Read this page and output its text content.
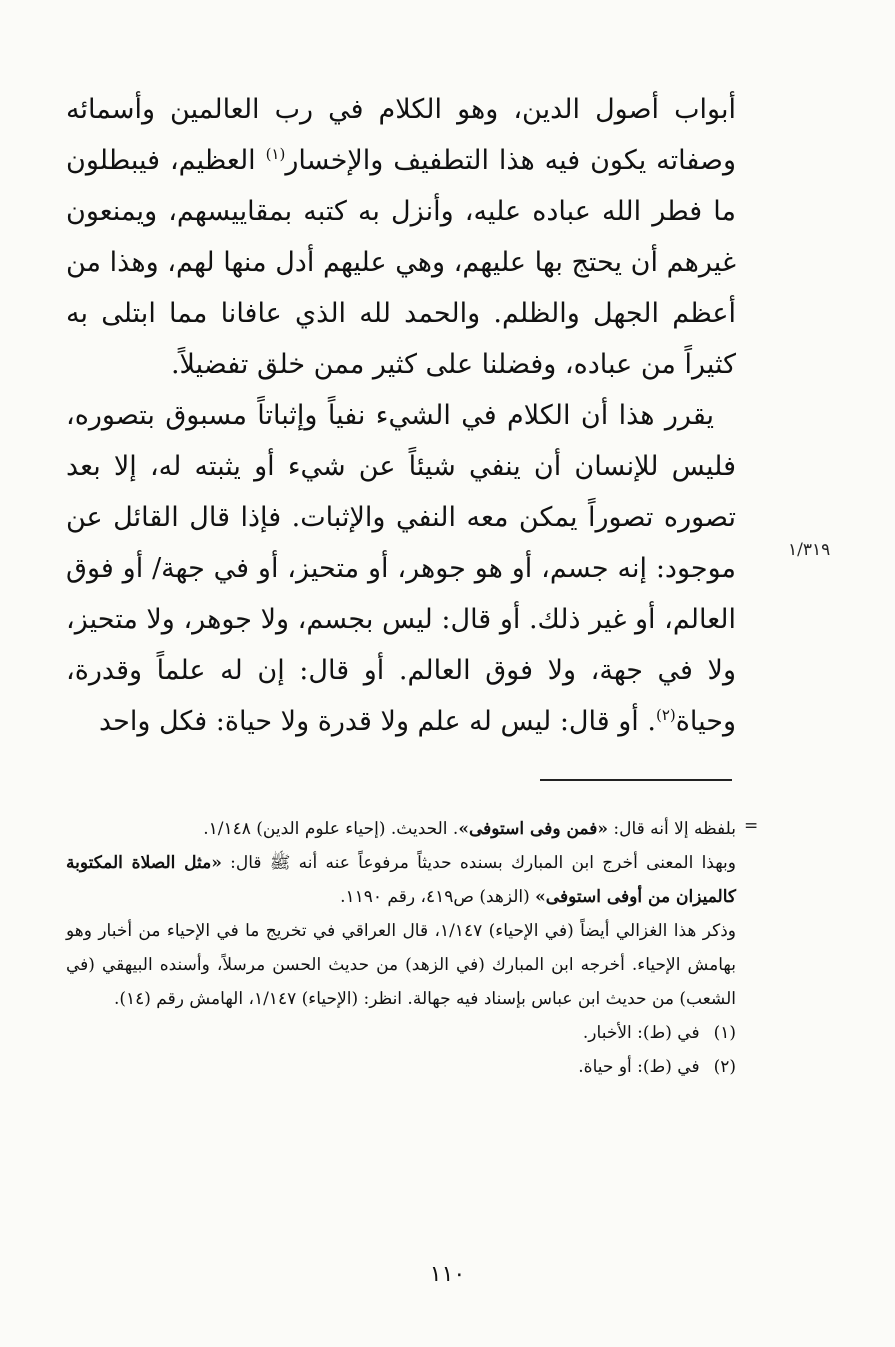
أبواب أصول الدين، وهو الكلام في رب العالمين وأسمائه وصفاته يكون فيه هذا التطفيف والإخسار$^{(١)}$ العظيم، فيبطلون ما فطر الله عباده عليه، وأنزل به كتبه بمقاييسهم، ويمنعون غيرهم أن يحتج بها عليهم، وهي عليهم أدل منها لهم، وهذا من أعظم الجهل والظلم. والحمد لله الذي عافانا مما ابتلى به كثيراً من عباده، وفضلنا على كثير ممن خلق تفضيلاً.

يقرر هذا أن الكلام في الشيء نفياً وإثباتاً مسبوق بتصوره، فليس للإنسان أن ينفي شيئاً عن شيء أو يثبته له، إلا بعد تصوره تصوراً يمكن معه النفي والإثبات. فإذا قال القائل عن موجود: إنه جسم، أو هو جوهر، أو متحيز، أو في جهة/ أو فوق العالم، أو غير ذلك. أو قال: ليس بجسم، ولا جوهر، ولا متحيز، ولا في جهة، ولا فوق العالم. أو قال: إن له علماً وقدرة، وحياة$^{(٢)}$. أو قال: ليس له علم ولا قدرة ولا حياة: فكل واحد

١/٣١٩
=

بلفظه إلا أنه قال: «فمن وفى استوفى». الحديث. (إحياء علوم الدين) ١/١٤٨.

وبهذا المعنى أخرج ابن المبارك بسنده حديثاً مرفوعاً عنه أنه ﷺ قال: «مثل الصلاة المكتوبة كالميزان من أوفى استوفى» (الزهد) ص٤١٩، رقم ١١٩٠.

وذكر هذا الغزالي أيضاً (في الإحياء) ١/١٤٧، قال العراقي في تخريج ما في الإحياء من أخبار وهو بهامش الإحياء. أخرجه ابن المبارك (في الزهد) من حديث الحسن مرسلاً، وأسنده البيهقي (في الشعب) من حديث ابن عباس بإسناد فيه جهالة. انظر: (الإحياء) ١/١٤٧، الهامش رقم (١٤).

(١)
في (ط): الأخبار.
(٢)
في (ط): أو حياة.
١١٠
